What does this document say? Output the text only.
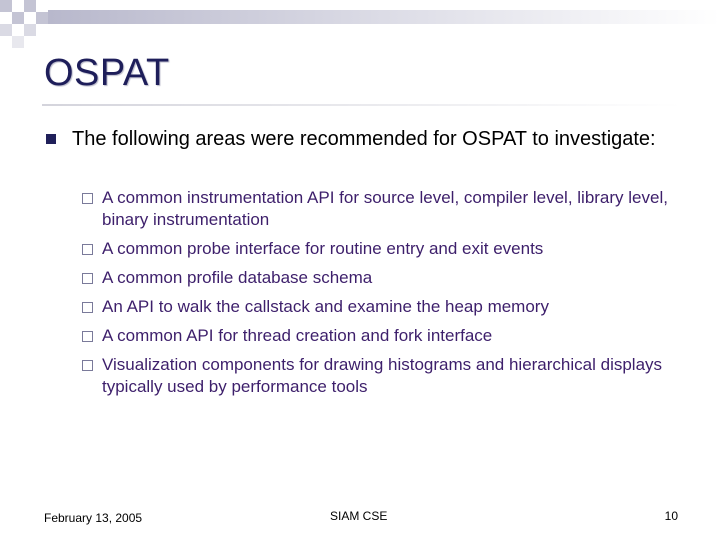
OSPAT
The following areas were recommended for OSPAT to investigate:
A common instrumentation API for source level, compiler level, library level, binary instrumentation
A common probe interface for routine entry and exit events
A common profile database schema
An API to walk the callstack and examine the heap memory
A common API for thread creation and fork interface
Visualization components for drawing histograms and hierarchical displays typically used by performance tools
February 13, 2005	SIAM CSE	10
